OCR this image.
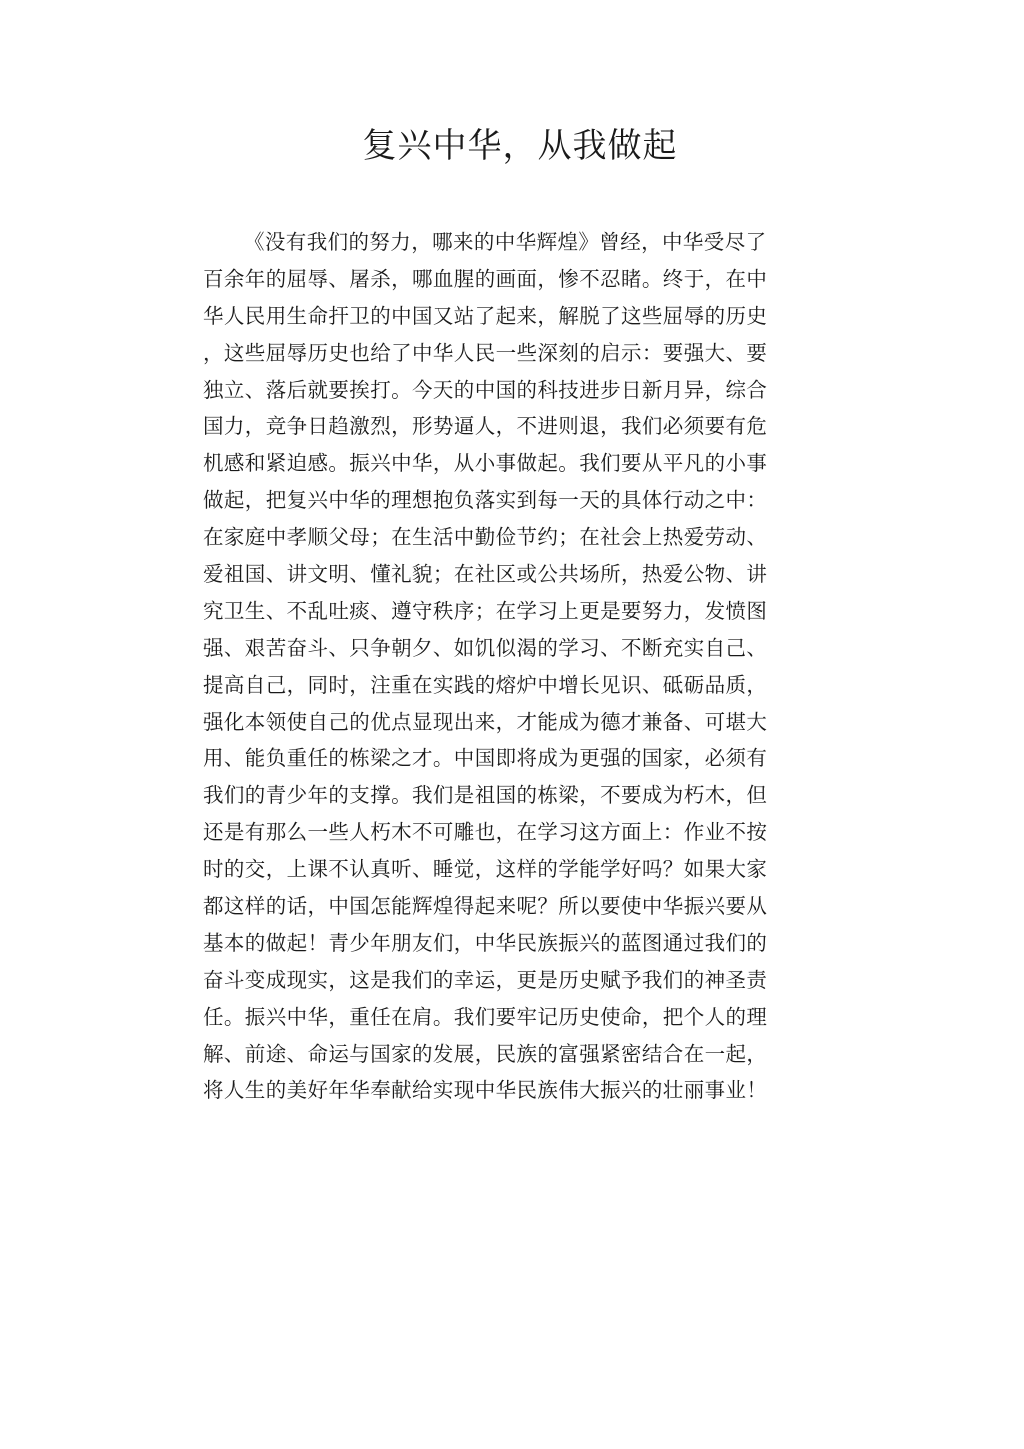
复兴中华，从我做起
《没有我们的努力，哪来的中华辉煌》曾经，中华受尽了
百余年的屈辱、屠杀，哪血腥的画面，惨不忍睹。终于，在中
华人民用生命扞卫的中国又站了起来，解脱了这些屈辱的历史
，这些屈辱历史也给了中华人民一些深刻的启示：要强大、要
独立、落后就要挨打。今天的中国的科技进步日新月异，综合
国力，竞争日趋激烈，形势逼人，不进则退，我们必须要有危
机感和紧迫感。振兴中华，从小事做起。我们要从平凡的小事
做起，把复兴中华的理想抱负落实到每一天的具体行动之中：
在家庭中孝顺父母；在生活中勤俭节约；在社会上热爱劳动、
爱祖国、讲文明、懂礼貌；在社区或公共场所，热爱公物、讲
究卫生、不乱吐痰、遵守秩序；在学习上更是要努力，发愤图
强、艰苦奋斗、只争朝夕、如饥似渴的学习、不断充实自己、
提高自己，同时，注重在实践的熔炉中增长见识、砥砺品质，
强化本领使自己的优点显现出来，才能成为德才兼备、可堪大
用、能负重任的栋梁之才。中国即将成为更强的国家，必须有
我们的青少年的支撑。我们是祖国的栋梁，不要成为朽木，但
还是有那么一些人朽木不可雕也，在学习这方面上：作业不按
时的交，上课不认真听、睡觉，这样的学能学好吗？如果大家
都这样的话，中国怎能辉煌得起来呢？所以要使中华振兴要从
基本的做起！青少年朋友们，中华民族振兴的蓝图通过我们的
奋斗变成现实，这是我们的幸运，更是历史赋予我们的神圣责
任。振兴中华，重任在肩。我们要牢记历史使命，把个人的理
解、前途、命运与国家的发展，民族的富强紧密结合在一起，
将人生的美好年华奉献给实现中华民族伟大振兴的壮丽事业！
